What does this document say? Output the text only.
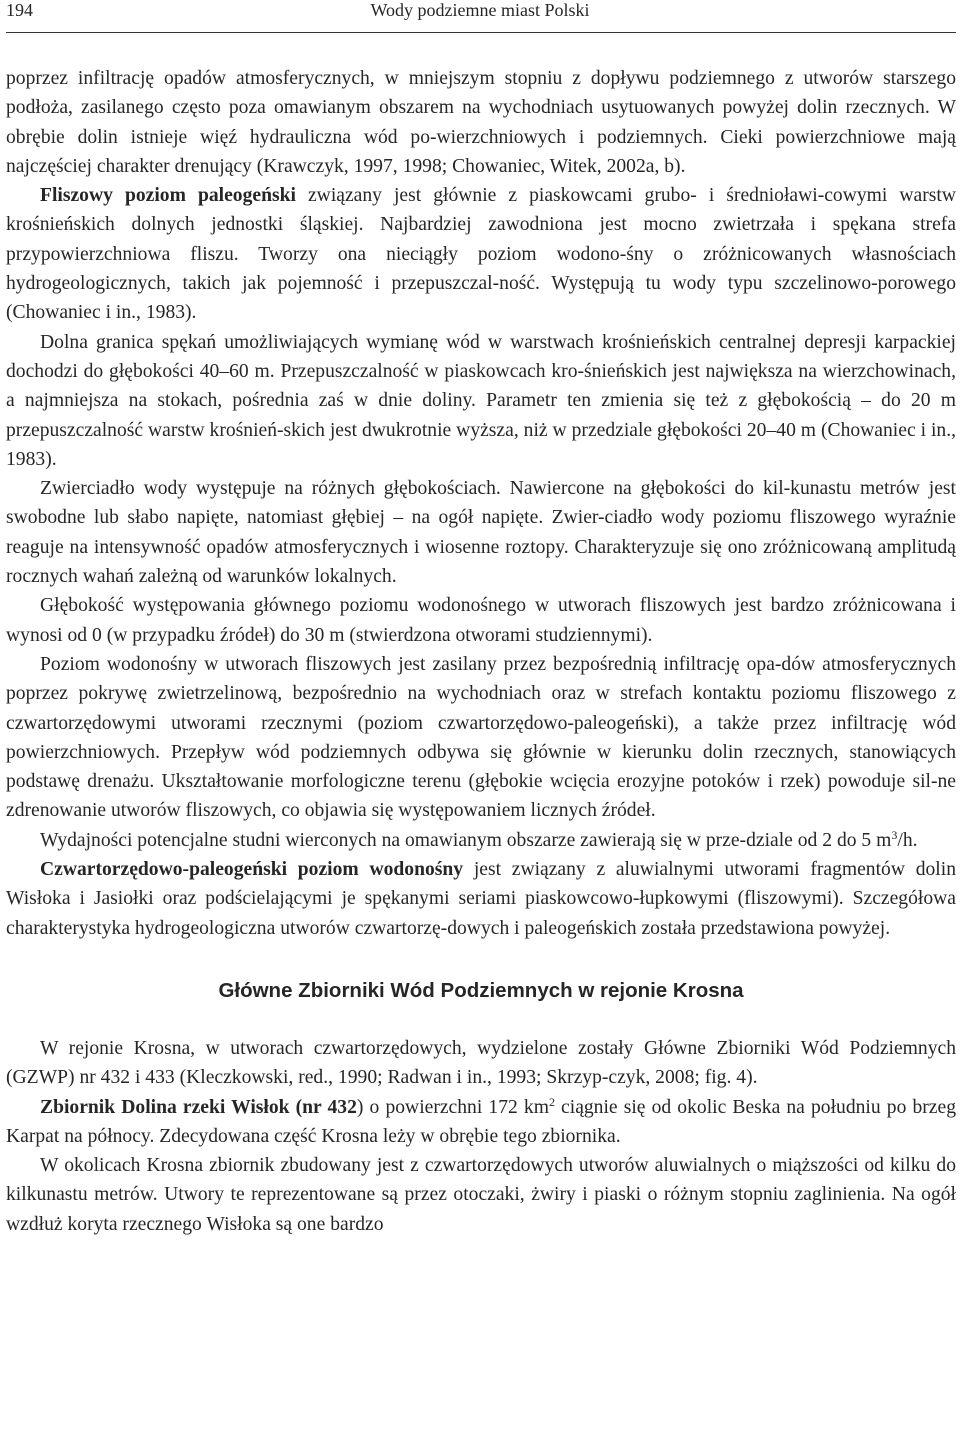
194	Wody podziemne miast Polski

poprzez infiltrację opadów atmosferycznych, w mniejszym stopniu z dopływu podziemnego z utworów starszego podłoża, zasilanego często poza omawianym obszarem na wychodniach usytuowanych powyżej dolin rzecznych. W obrębie dolin istnieje więź hydrauliczna wód po-wierzchniowych i podziemnych. Cieki powierzchniowe mają najczęściej charakter drenujący (Krawczyk, 1997, 1998; Chowaniec, Witek, 2002a, b).

Fliszowy poziom paleogeński związany jest głównie z piaskowcami grubo- i średnioławi-cowymi warstw krośnieńskich dolnych jednostki śląskiej. Najbardziej zawodniona jest mocno zwietrzała i spękana strefa przypowierzchniowa fliszu. Tworzy ona nieciągły poziom wodono-śny o zróżnicowanych własnościach hydrogeologicznych, takich jak pojemność i przepuszczal-ność. Występują tu wody typu szczelinowo-porowego (Chowaniec i in., 1983).

Dolna granica spękań umożliwiających wymianę wód w warstwach krośnieńskich centralnej depresji karpackiej dochodzi do głębokości 40–60 m. Przepuszczalność w piaskowcach kro-śnieńskich jest największa na wierzchowinach, a najmniejsza na stokach, pośrednia zaś w dnie doliny. Parametr ten zmienia się też z głębokością – do 20 m przepuszczalność warstw krośnień-skich jest dwukrotnie wyższa, niż w przedziale głębokości 20–40 m (Chowaniec i in., 1983).

Zwierciadło wody występuje na różnych głębokościach. Nawiercone na głębokości do kil-kunastu metrów jest swobodne lub słabo napięte, natomiast głębiej – na ogół napięte. Zwier-ciadło wody poziomu fliszowego wyraźnie reaguje na intensywność opadów atmosferycznych i wiosenne roztopy. Charakteryzuje się ono zróżnicowaną amplitudą rocznych wahań zależną od warunków lokalnych.

Głębokość występowania głównego poziomu wodonośnego w utworach fliszowych jest bardzo zróżnicowana i wynosi od 0 (w przypadku źródeł) do 30 m (stwierdzona otworami studziennymi).

Poziom wodonośny w utworach fliszowych jest zasilany przez bezpośrednią infiltrację opa-dów atmosferycznych poprzez pokrywę zwietrzelinową, bezpośrednio na wychodniach oraz w strefach kontaktu poziomu fliszowego z czwartorzędowymi utworami rzecznymi (poziom czwartorzędowo-paleogeński), a także przez infiltrację wód powierzchniowych. Przepływ wód podziemnych odbywa się głównie w kierunku dolin rzecznych, stanowiących podstawę drenażu. Ukształtowanie morfologiczne terenu (głębokie wcięcia erozyjne potoków i rzek) powoduje sil-ne zdrenowanie utworów fliszowych, co objawia się występowaniem licznych źródeł.

Wydajności potencjalne studni wierconych na omawianym obszarze zawierają się w prze-dziale od 2 do 5 $m^3/h$.

Czwartorzędowo-paleogeński poziom wodonośny jest związany z aluwialnymi utworami fragmentów dolin Wisłoka i Jasiołki oraz podścielającymi je spękanymi seriami piaskowcowo-łupkowymi (fliszowymi). Szczegółowa charakterystyka hydrogeologiczna utworów czwartorzę-dowych i paleogeńskich została przedstawiona powyżej.

Główne Zbiorniki Wód Podziemnych w rejonie Krosna

W rejonie Krosna, w utworach czwartorzędowych, wydzielone zostały Główne Zbiorniki Wód Podziemnych (GZWP) nr 432 i 433 (Kleczkowski, red., 1990; Radwan i in., 1993; Skrzyp-czyk, 2008; fig. 4).

Zbiornik Dolina rzeki Wisłok (nr 432) o powierzchni 172 $km^2$ ciągnie się od okolic Beska na południu po brzeg Karpat na północy. Zdecydowana część Krosna leży w obrębie tego zbiornika.

W okolicach Krosna zbiornik zbudowany jest z czwartorzędowych utworów aluwialnych o miąższości od kilku do kilkunastu metrów. Utwory te reprezentowane są przez otoczaki, żwiry i piaski o różnym stopniu zaglinienia. Na ogół wzdłuż koryta rzecznego Wisłoka są one bardzo
